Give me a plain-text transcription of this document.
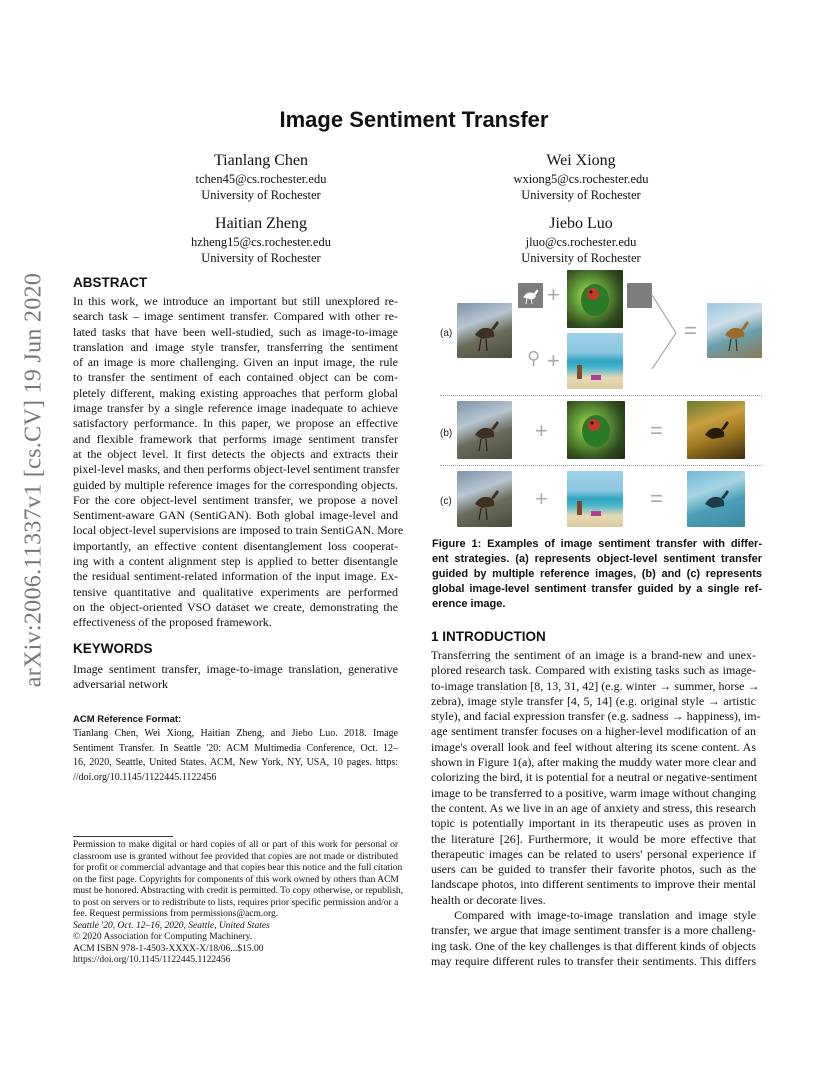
arXiv:2006.11337v1 [cs.CV] 19 Jun 2020
Image Sentiment Transfer
Tianlang Chen
tchen45@cs.rochester.edu
University of Rochester
Wei Xiong
wxiong5@cs.rochester.edu
University of Rochester
Haitian Zheng
hzheng15@cs.rochester.edu
University of Rochester
Jiebo Luo
jluo@cs.rochester.edu
University of Rochester
ABSTRACT
In this work, we introduce an important but still unexplored re-
search task – image sentiment transfer. Compared with other re-
lated tasks that have been well-studied, such as image-to-image
translation and image style transfer, transferring the sentiment
of an image is more challenging. Given an input image, the rule
to transfer the sentiment of each contained object can be com-
pletely different, making existing approaches that perform global
image transfer by a single reference image inadequate to achieve
satisfactory performance. In this paper, we propose an effective
and flexible framework that performs image sentiment transfer
at the object level. It first detects the objects and extracts their
pixel-level masks, and then performs object-level sentiment transfer
guided by multiple reference images for the corresponding objects.
For the core object-level sentiment transfer, we propose a novel
Sentiment-aware GAN (SentiGAN). Both global image-level and
local object-level supervisions are imposed to train SentiGAN. More
importantly, an effective content disentanglement loss cooperat-
ing with a content alignment step is applied to better disentangle
the residual sentiment-related information of the input image. Ex-
tensive quantitative and qualitative experiments are performed
on the object-oriented VSO dataset we create, demonstrating the
effectiveness of the proposed framework.
KEYWORDS
Image sentiment transfer, image-to-image translation, generative
adversarial network
ACM Reference Format:
Tianlang Chen, Wei Xiong, Haitian Zheng, and Jiebo Luo. 2018. Image
Sentiment Transfer. In Seattle '20: ACM Multimedia Conference, Oct. 12–
16, 2020, Seattle, United States. ACM, New York, NY, USA, 10 pages. https:
//doi.org/10.1145/1122445.1122456
Permission to make digital or hard copies of all or part of this work for personal or
classroom use is granted without fee provided that copies are not made or distributed
for profit or commercial advantage and that copies bear this notice and the full citation
on the first page. Copyrights for components of this work owned by others than ACM
must be honored. Abstracting with credit is permitted. To copy otherwise, or republish,
to post on servers or to redistribute to lists, requires prior specific permission and/or a
fee. Request permissions from permissions@acm.org.
Seattle '20, Oct. 12–16, 2020, Seattle, United States
© 2020 Association for Computing Machinery.
ACM ISBN 978-1-4503-XXXX-X/18/06...$15.00
https://doi.org/10.1145/1122445.1122456
(a)
+
⚲ +
=
(b)	+	=
(c)	+	=
Figure 1: Examples of image sentiment transfer with differ-
ent strategies. (a) represents object-level sentiment transfer
guided by multiple reference images, (b) and (c) represents
global image-level sentiment transfer guided by a single ref-
erence image.
1 INTRODUCTION
Transferring the sentiment of an image is a brand-new and unex-
plored research task. Compared with existing tasks such as image-
to-image translation [8, 13, 31, 42] (e.g. winter → summer, horse →
zebra), image style transfer [4, 5, 14] (e.g. original style → artistic
style), and facial expression transfer (e.g. sadness → happiness), im-
age sentiment transfer focuses on a higher-level modification of an
image's overall look and feel without altering its scene content. As
shown in Figure 1(a), after making the muddy water more clear and
colorizing the bird, it is potential for a neutral or negative-sentiment
image to be transferred to a positive, warm image without changing
the content. As we live in an age of anxiety and stress, this research
topic is potentially important in its therapeutic uses as proven in
the literature [26]. Furthermore, it would be more effective that
therapeutic images can be related to users' personal experience if
users can be guided to transfer their favorite photos, such as the
landscape photos, into different sentiments to improve their mental
health or decorate lives.
Compared with image-to-image translation and image style
transfer, we argue that image sentiment transfer is a more challeng-
ing task. One of the key challenges is that different kinds of objects
may require different rules to transfer their sentiments. This differs
